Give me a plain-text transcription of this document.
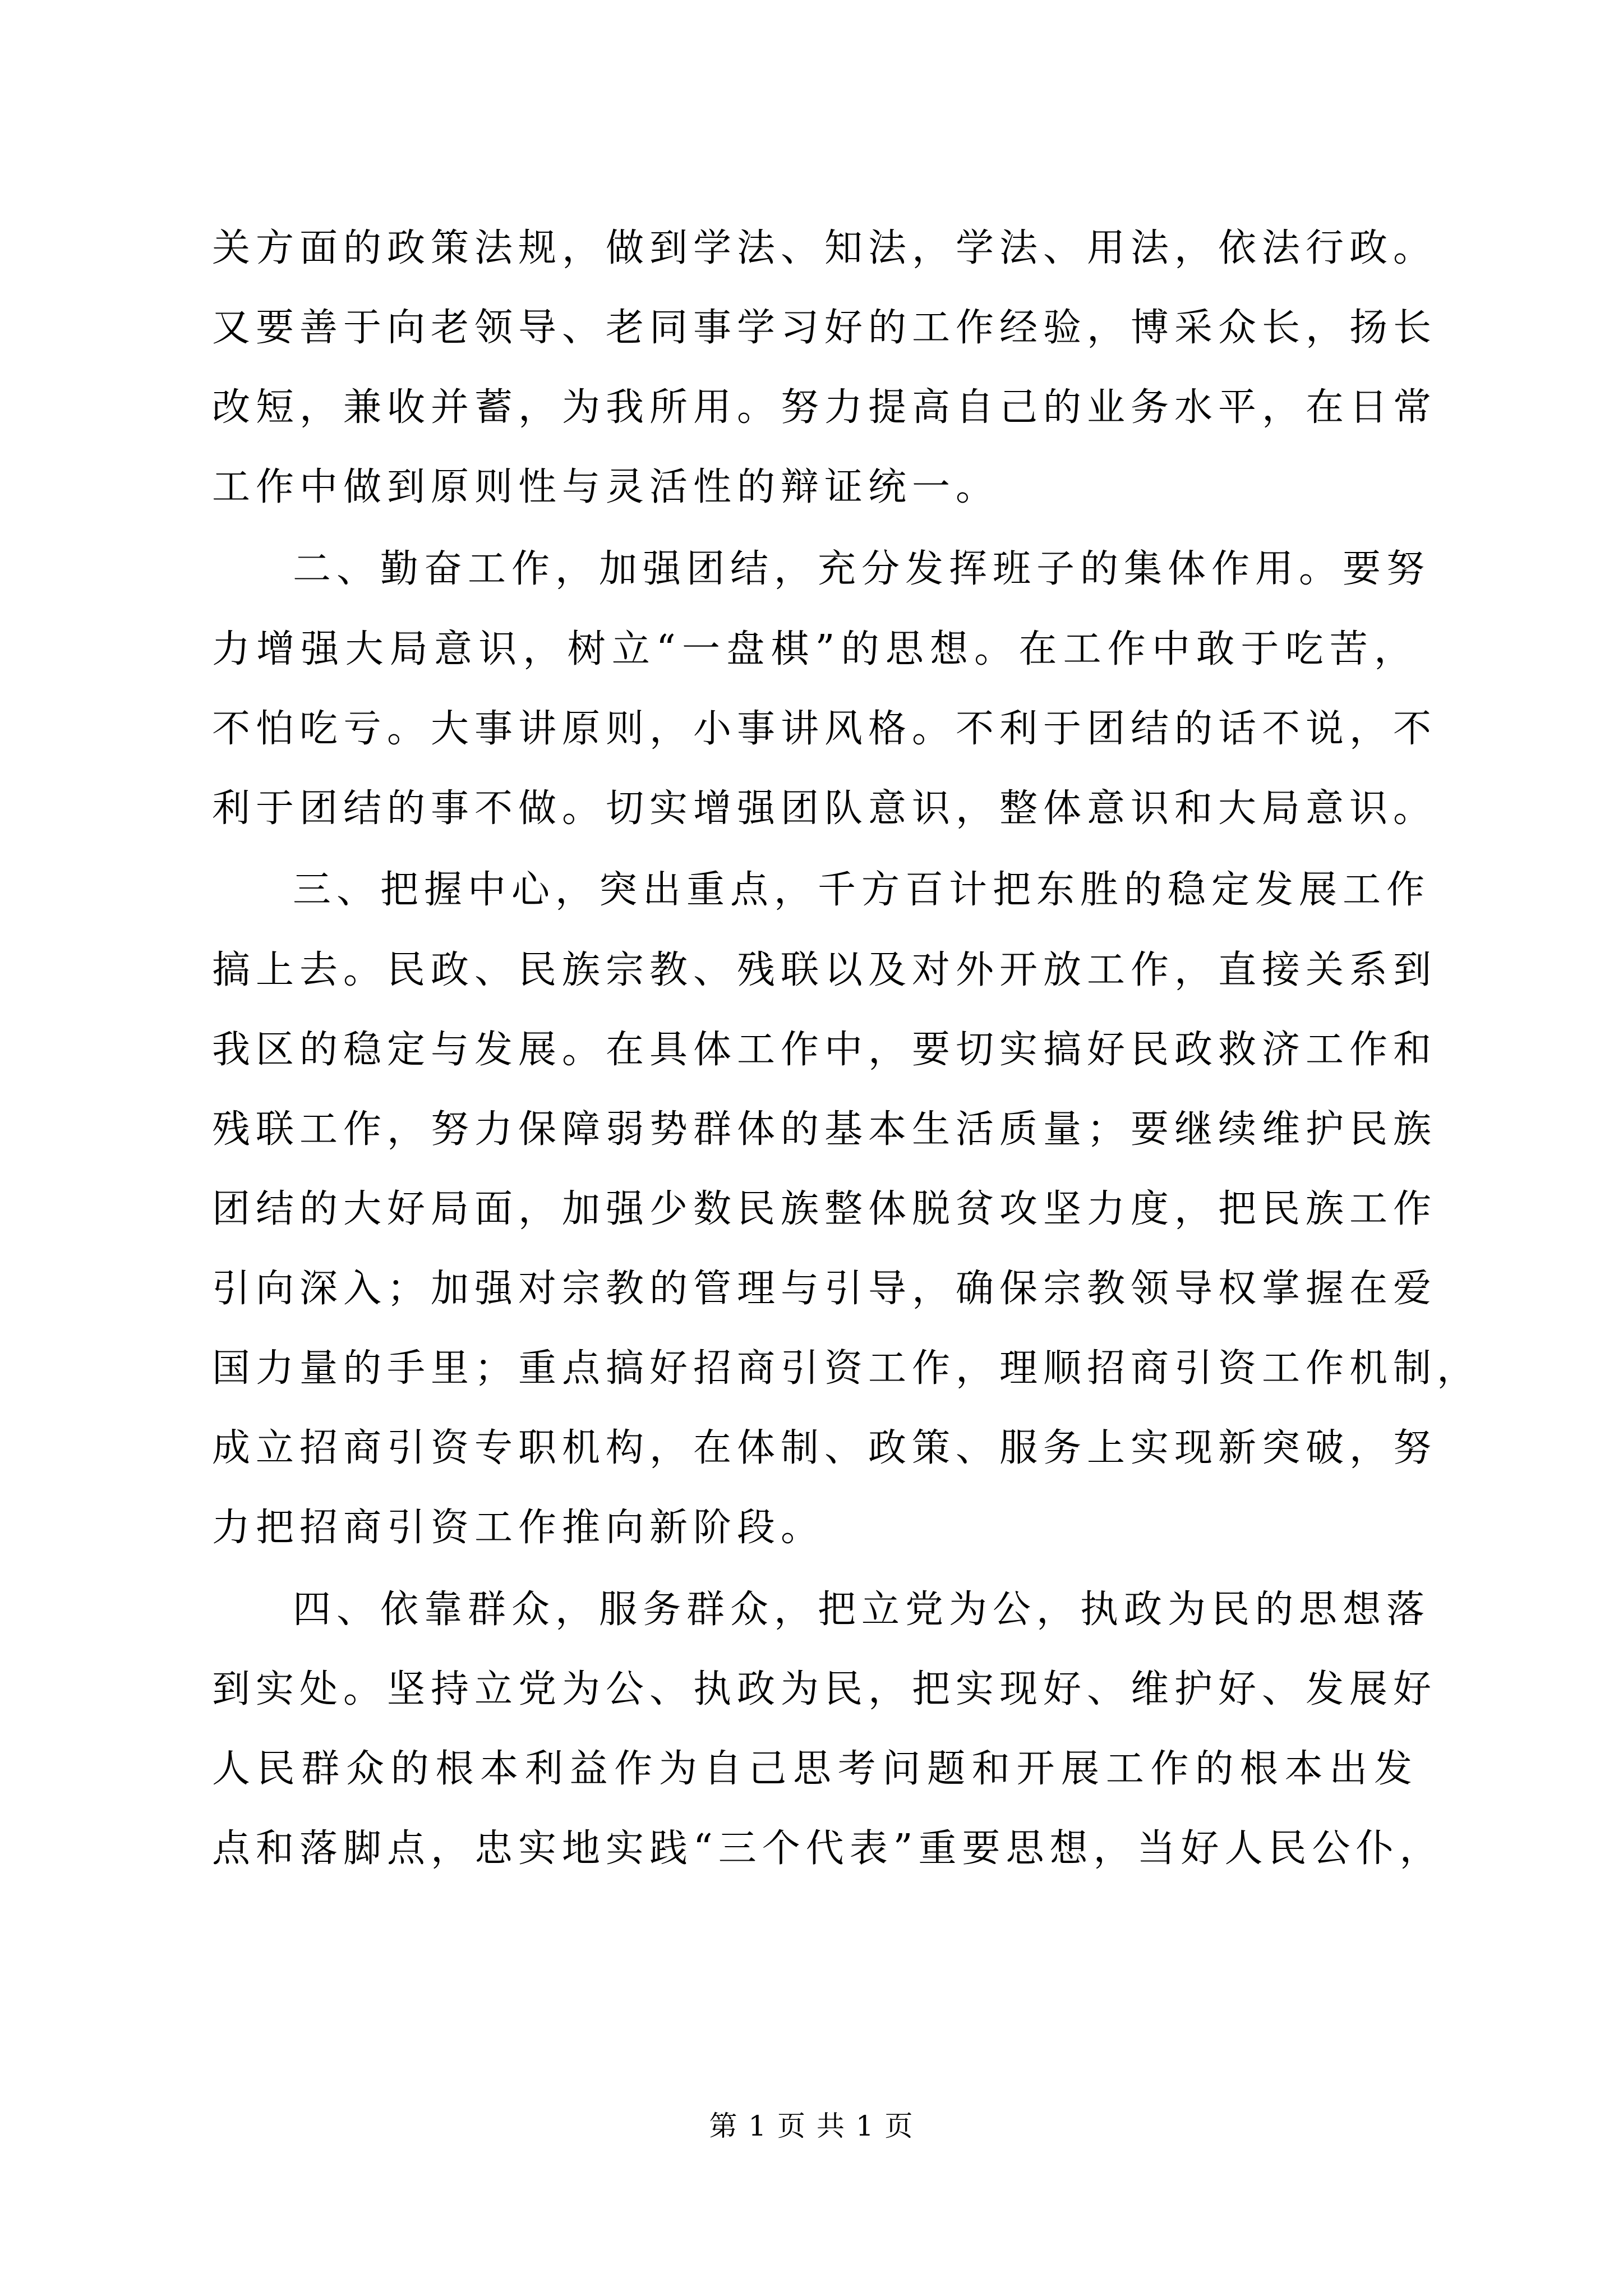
关方面的政策法规，做到学法、知法，学法、用法，依法行政。
又要善于向老领导、老同事学习好的工作经验，博采众长，扬长
改短，兼收并蓄，为我所用。努力提高自己的业务水平，在日常
工作中做到原则性与灵活性的辩证统一。
二、勤奋工作，加强团结，充分发挥班子的集体作用。要努
力增强大局意识，树立“一盘棋”的思想。在工作中敢于吃苦，
不怕吃亏。大事讲原则，小事讲风格。不利于团结的话不说，不
利于团结的事不做。切实增强团队意识，整体意识和大局意识。
三、把握中心，突出重点，千方百计把东胜的稳定发展工作
搞上去。民政、民族宗教、残联以及对外开放工作，直接关系到
我区的稳定与发展。在具体工作中，要切实搞好民政救济工作和
残联工作，努力保障弱势群体的基本生活质量；要继续维护民族
团结的大好局面，加强少数民族整体脱贫攻坚力度，把民族工作
引向深入；加强对宗教的管理与引导，确保宗教领导权掌握在爱
国力量的手里；重点搞好招商引资工作，理顺招商引资工作机制，
成立招商引资专职机构，在体制、政策、服务上实现新突破，努
力把招商引资工作推向新阶段。
四、依靠群众，服务群众，把立党为公，执政为民的思想落
到实处。坚持立党为公、执政为民，把实现好、维护好、发展好
人民群众的根本利益作为自己思考问题和开展工作的根本出发
点和落脚点，忠实地实践“三个代表”重要思想，当好人民公仆，
第 1 页 共 1 页
